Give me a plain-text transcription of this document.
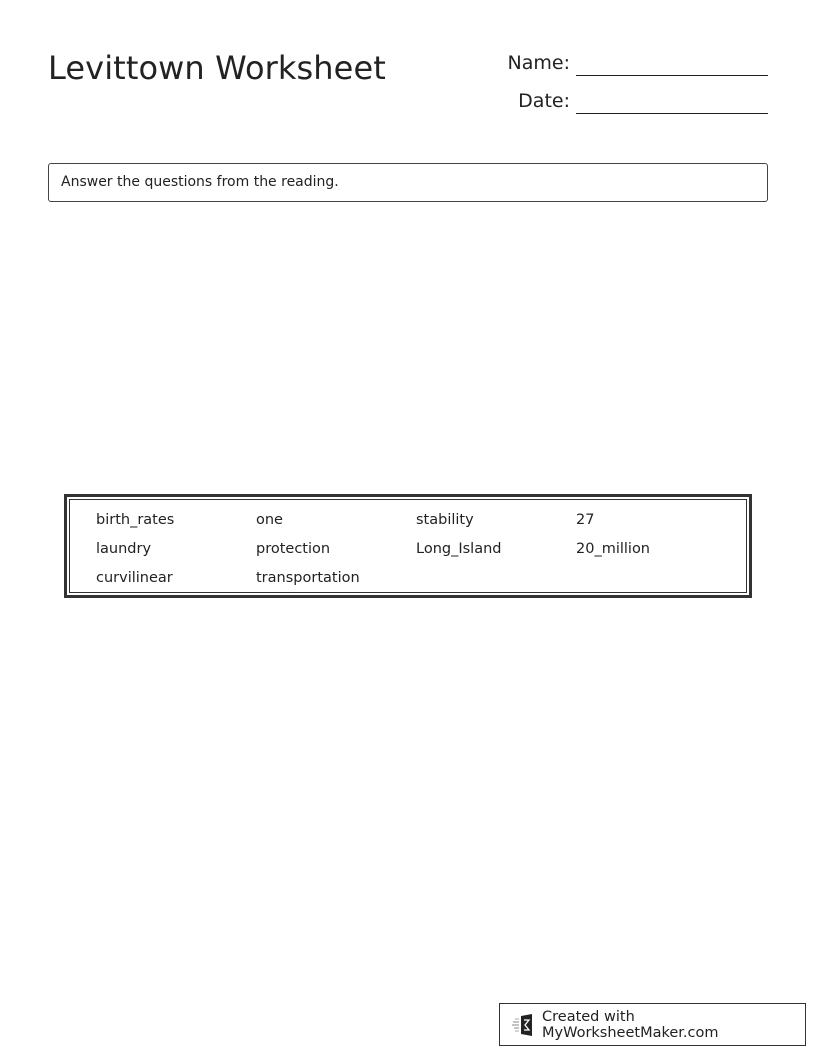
Levittown Worksheet	Name:
Date:
Answer the questions from the reading.
birth_rates	one	stability	27
laundry	protection	Long_Island	20_million
curvilinear	transportation
Created with MyWorksheetMaker.com
